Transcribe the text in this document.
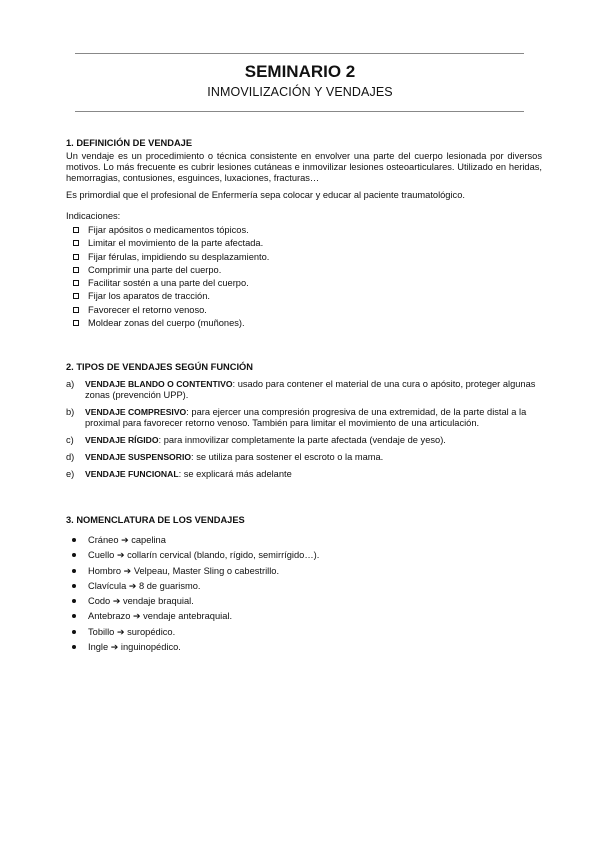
SEMINARIO 2
INMOVILIZACIÓN Y VENDAJES
1. DEFINICIÓN DE VENDAJE
Un vendaje es un procedimiento o técnica consistente en envolver una parte del cuerpo lesionada por diversos motivos. Lo más frecuente es cubrir lesiones cutáneas e inmovilizar lesiones osteoarticulares. Utilizado en heridas, hemorragias, contusiones, esguinces, luxaciones, fracturas…
Es primordial que el profesional de Enfermería sepa colocar y educar al paciente traumatológico.
Indicaciones:
Fijar apósitos o medicamentos tópicos.
Limitar el movimiento de la parte afectada.
Fijar férulas, impidiendo su desplazamiento.
Comprimir una parte del cuerpo.
Facilitar sostén a una parte del cuerpo.
Fijar los aparatos de tracción.
Favorecer el retorno venoso.
Moldear zonas del cuerpo (muñones).
2. TIPOS DE VENDAJES SEGÚN FUNCIÓN
a) VENDAJE BLANDO O CONTENTIVO: usado para contener el material de una cura o apósito, proteger algunas zonas (prevención UPP).
b) VENDAJE COMPRESIVO: para ejercer una compresión progresiva de una extremidad, de la parte distal a la proximal para favorecer retorno venoso. También para limitar el movimiento de una articulación.
c) VENDAJE RÍGIDO: para inmovilizar completamente la parte afectada (vendaje de yeso).
d) VENDAJE SUSPENSORIO: se utiliza para sostener el escroto o la mama.
e) VENDAJE FUNCIONAL: se explicará más adelante
3. NOMENCLATURA DE LOS VENDAJES
Cráneo ➔ capelina
Cuello ➔ collarín cervical (blando, rígido, semirrígido…).
Hombro ➔ Velpeau, Master Sling o cabestrillo.
Clavícula ➔ 8 de guarismo.
Codo ➔ vendaje braquial.
Antebrazo ➔ vendaje antebraquial.
Tobillo ➔ suropédico.
Ingle ➔ inguinopédico.
